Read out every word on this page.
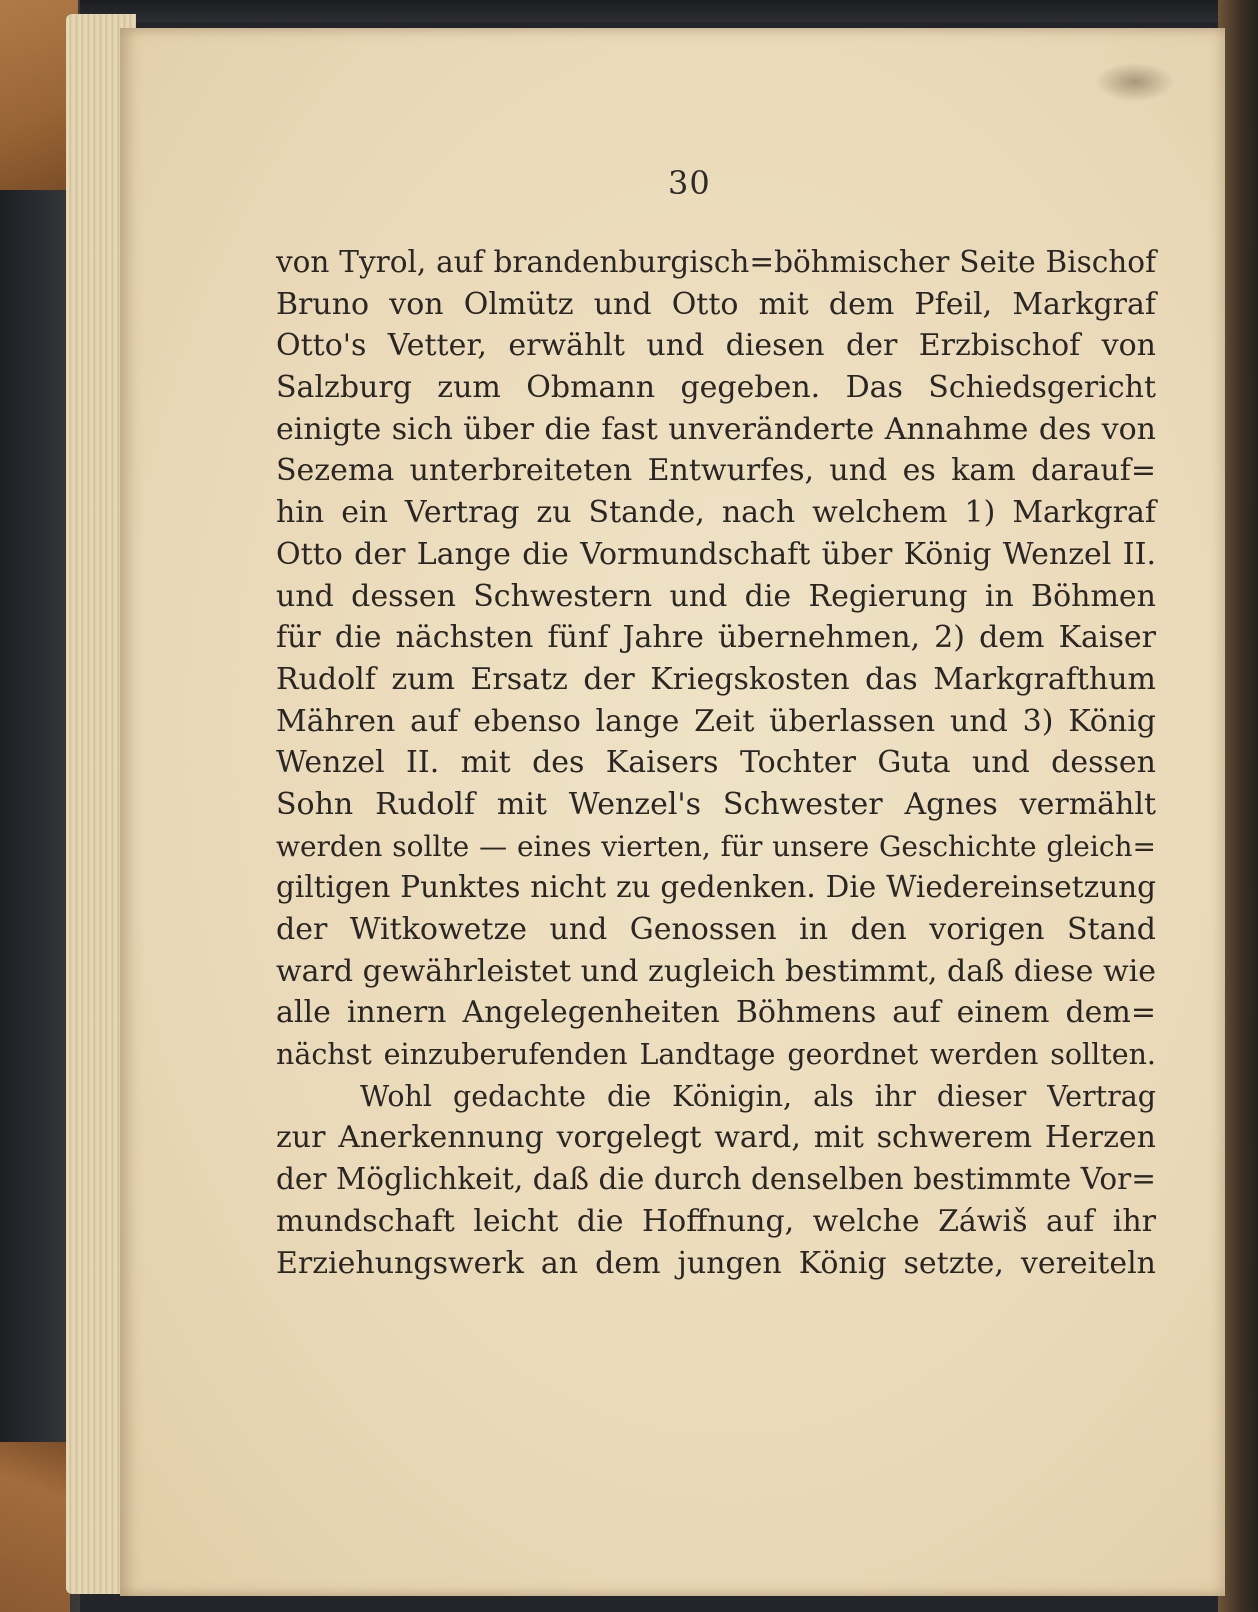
30
von Tyrol, auf brandenburgisch=böhmischer Seite Bischof
Bruno von Olmütz und Otto mit dem Pfeil, Markgraf
Otto's Vetter, erwählt und diesen der Erzbischof von
Salzburg zum Obmann gegeben. Das Schiedsgericht
einigte sich über die fast unveränderte Annahme des von
Sezema unterbreiteten Entwurfes, und es kam darauf=
hin ein Vertrag zu Stande, nach welchem 1) Markgraf
Otto der Lange die Vormundschaft über König Wenzel II.
und dessen Schwestern und die Regierung in Böhmen
für die nächsten fünf Jahre übernehmen, 2) dem Kaiser
Rudolf zum Ersatz der Kriegskosten das Markgrafthum
Mähren auf ebenso lange Zeit überlassen und 3) König
Wenzel II. mit des Kaisers Tochter Guta und dessen
Sohn Rudolf mit Wenzel's Schwester Agnes vermählt
werden sollte — eines vierten, für unsere Geschichte gleich=
giltigen Punktes nicht zu gedenken. Die Wiedereinsetzung
der Witkowetze und Genossen in den vorigen Stand
ward gewährleistet und zugleich bestimmt, daß diese wie
alle innern Angelegenheiten Böhmens auf einem dem=
nächst einzuberufenden Landtage geordnet werden sollten.
Wohl gedachte die Königin, als ihr dieser Vertrag
zur Anerkennung vorgelegt ward, mit schwerem Herzen
der Möglichkeit, daß die durch denselben bestimmte Vor=
mundschaft leicht die Hoffnung, welche Záwiš auf ihr
Erziehungswerk an dem jungen König setzte, vereiteln
